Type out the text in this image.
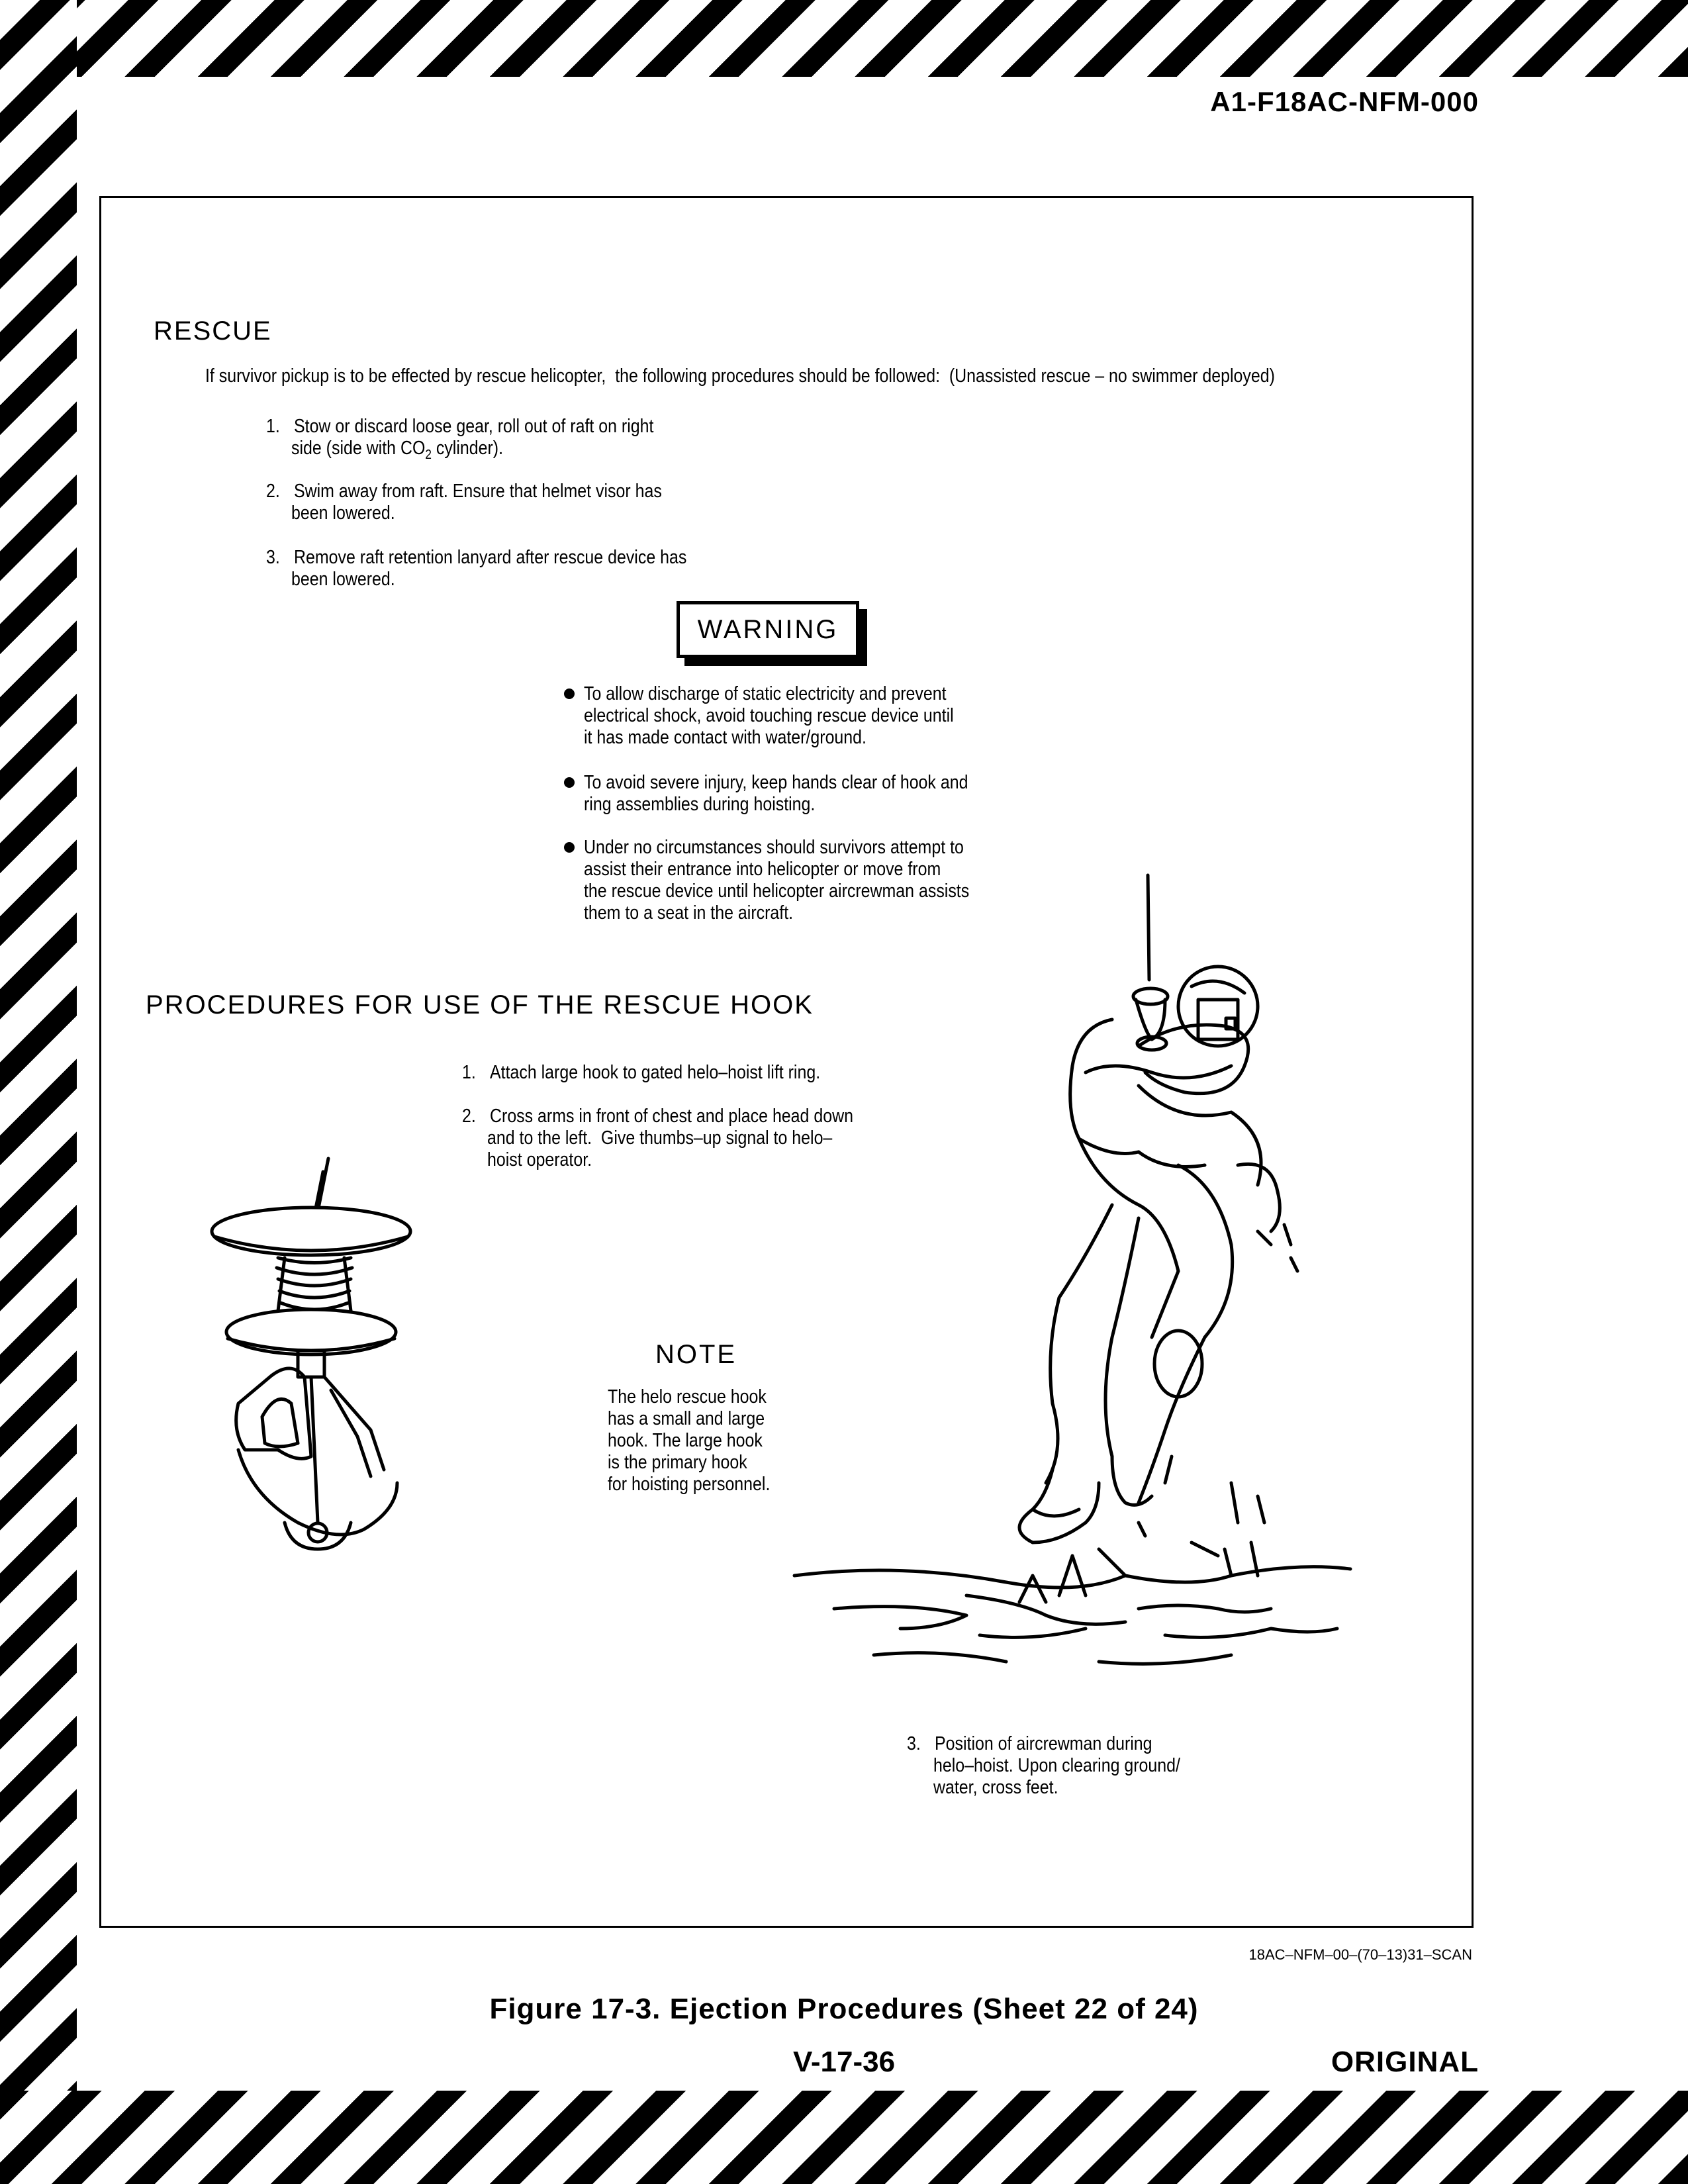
A1-F18AC-NFM-000
RESCUE
If survivor pickup is to be effected by rescue helicopter,  the following procedures should be followed:  (Unassisted rescue – no swimmer deployed)
1. Stow or discard loose gear, roll out of raft on right
side (side with $CO_2$ cylinder).
2. Swim away from raft. Ensure that helmet visor has
been lowered.
3. Remove raft retention lanyard after rescue device has
been lowered.
WARNING
To allow discharge of static electricity and prevent
electrical shock, avoid touching rescue device until
it has made contact with water/ground.
To avoid severe injury, keep hands clear of hook and
ring assemblies during hoisting.
Under no circumstances should survivors attempt to
assist their entrance into helicopter or move from
the rescue device until helicopter aircrewman assists
them to a seat in the aircraft.
PROCEDURES FOR USE OF THE RESCUE HOOK
1. Attach large hook to gated helo–hoist lift ring.
2. Cross arms in front of chest and place head down
and to the left.  Give thumbs–up signal to helo–
hoist operator.
NOTE
The helo rescue hook
has a small and large
hook. The large hook
is the primary hook
for hoisting personnel.
3. Position of aircrewman during
helo–hoist. Upon clearing ground/
water, cross feet.
18AC–NFM–00–(70–13)31–SCAN
Figure 17-3. Ejection Procedures (Sheet 22 of 24)
V-17-36	ORIGINAL
